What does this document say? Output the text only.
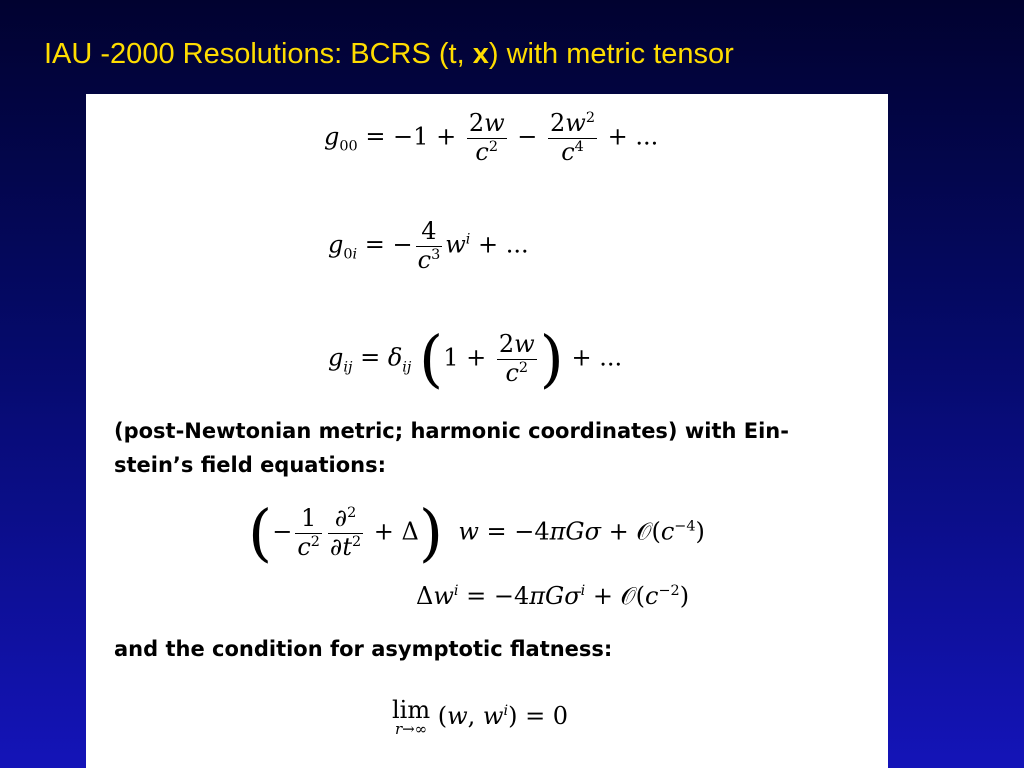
IAU -2000 Resolutions: BCRS (t, x) with metric tensor
$g_{00} = -1 + \frac{2w}{c^2} - \frac{2w^2}{c^4}$ + ...
$g_{0i}$ = − $\frac{4}{c^3} w^i$ + ...
$g_{ij} = \delta_{ij}$ ($1 + \frac{2w}{c^2}$ ) + ...
(post-Newtonian metric; harmonic coordinates) with Ein-
stein’s field equations:
(− $\frac{1}{c^2} \frac{\partial^2}{\partial t^2} + \Delta$) $w = -4\pi G\sigma + 𝒪(c^{-4})$
$\Delta w^i = -4\pi G\sigma^i$ + $𝒪(c^{-2})$
and the condition for asymptotic flatness:
lim
r→∞ (w, $w^i) = 0$
